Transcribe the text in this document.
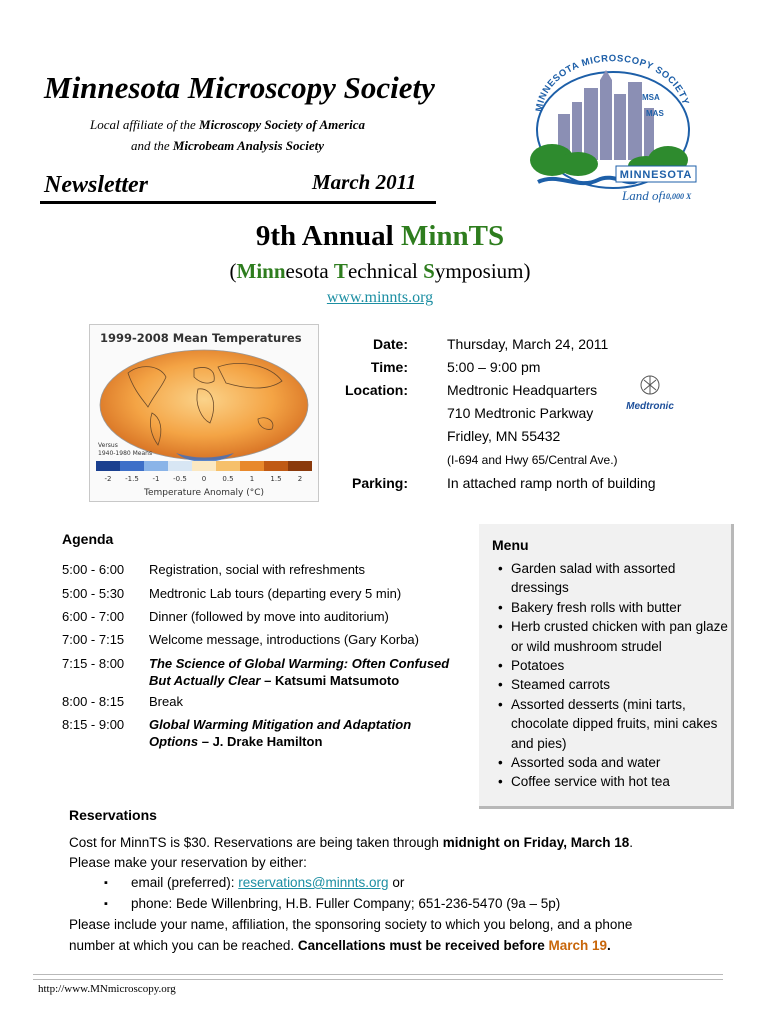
Minnesota Microscopy Society
Local affiliate of the Microscopy Society of America
and the Microbeam Analysis Society
Newsletter	March 2011
MINNESOTA MICROSCOPY SOCIETY
MSA
MAS
MINNESOTA
Land of 10,000 X
9th Annual MinnTS
(Minnesota Technical Symposium)
www.minnts.org
1999-2008 Mean Temperatures
Versus
1940-1980 Means
-2 -1.5 -1 -0.5 0 0.5 1 1.5 2
Temperature Anomaly (°C)
Date:	Thursday, March 24, 2011
Time:	5:00 – 9:00 pm
Location:	Medtronic Headquarters
710 Medtronic Parkway
Fridley, MN 55432
(I-694 and Hwy 65/Central Ave.)
Parking:	In attached ramp north of building
Medtronic
Agenda
5:00 - 6:00 Registration, social with refreshments
5:00 - 5:30 Medtronic Lab tours (departing every 5 min)
6:00 - 7:00 Dinner (followed by move into auditorium)
7:00 - 7:15 Welcome message, introductions (Gary Korba)
7:15 - 8:00 The Science of Global Warming: Often Confused
But Actually Clear – Katsumi Matsumoto
8:00 - 8:15 Break
8:15 - 9:00 Global Warming Mitigation and Adaptation
Options – J. Drake Hamilton
Menu
• Garden salad with assorted dressings
• Bakery fresh rolls with butter
• Herb crusted chicken with pan glaze or wild mushroom strudel
• Potatoes
• Steamed carrots
• Assorted desserts (mini tarts, chocolate dipped fruits, mini cakes and pies)
• Assorted soda and water
• Coffee service with hot tea
Reservations
Cost for MinnTS is $30. Reservations are being taken through midnight on Friday, March 18.
Please make your reservation by either:
▪ email (preferred): reservations@minnts.org or
▪ phone: Bede Willenbring, H.B. Fuller Company; 651-236-5470 (9a – 5p)
Please include your name, affiliation, the sponsoring society to which you belong, and a phone
number at which you can be reached. Cancellations must be received before March 19.
http://www.MNmicroscopy.org
